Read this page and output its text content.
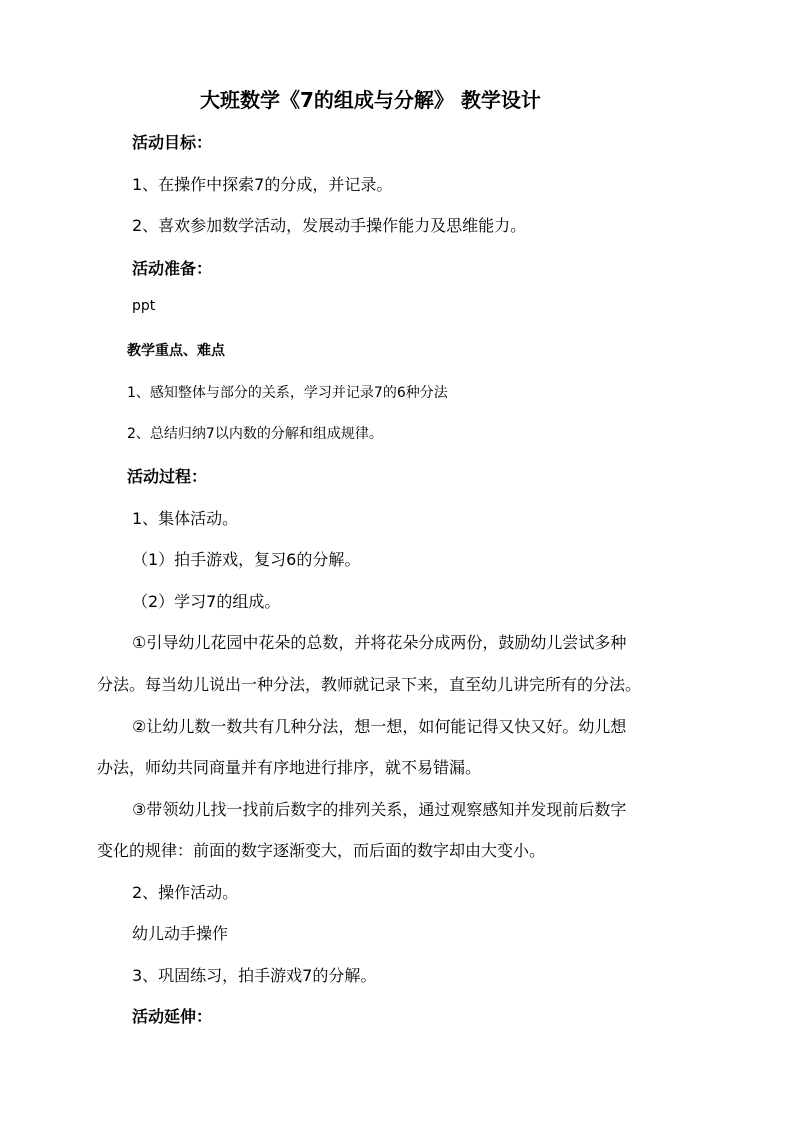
大班数学《7的组成与分解》 教学设计
活动目标：
1、在操作中探索7的分成，并记录。
2、喜欢参加数学活动，发展动手操作能力及思维能力。
活动准备：
ppt
教学重点、难点
1、感知整体与部分的关系，学习并记录7的6种分法
2、总结归纳7以内数的分解和组成规律。
活动过程：
1、集体活动。
（1）拍手游戏，复习6的分解。
（2）学习7的组成。
①引导幼儿花园中花朵的总数，并将花朵分成两份，鼓励幼儿尝试多种
分法。每当幼儿说出一种分法，教师就记录下来，直至幼儿讲完所有的分法。
②让幼儿数一数共有几种分法，想一想，如何能记得又快又好。幼儿想
办法，师幼共同商量并有序地进行排序，就不易错漏。
③带领幼儿找一找前后数字的排列关系，通过观察感知并发现前后数字
变化的规律：前面的数字逐渐变大，而后面的数字却由大变小。
2、操作活动。
幼儿动手操作
3、巩固练习，拍手游戏7的分解。
活动延伸：
